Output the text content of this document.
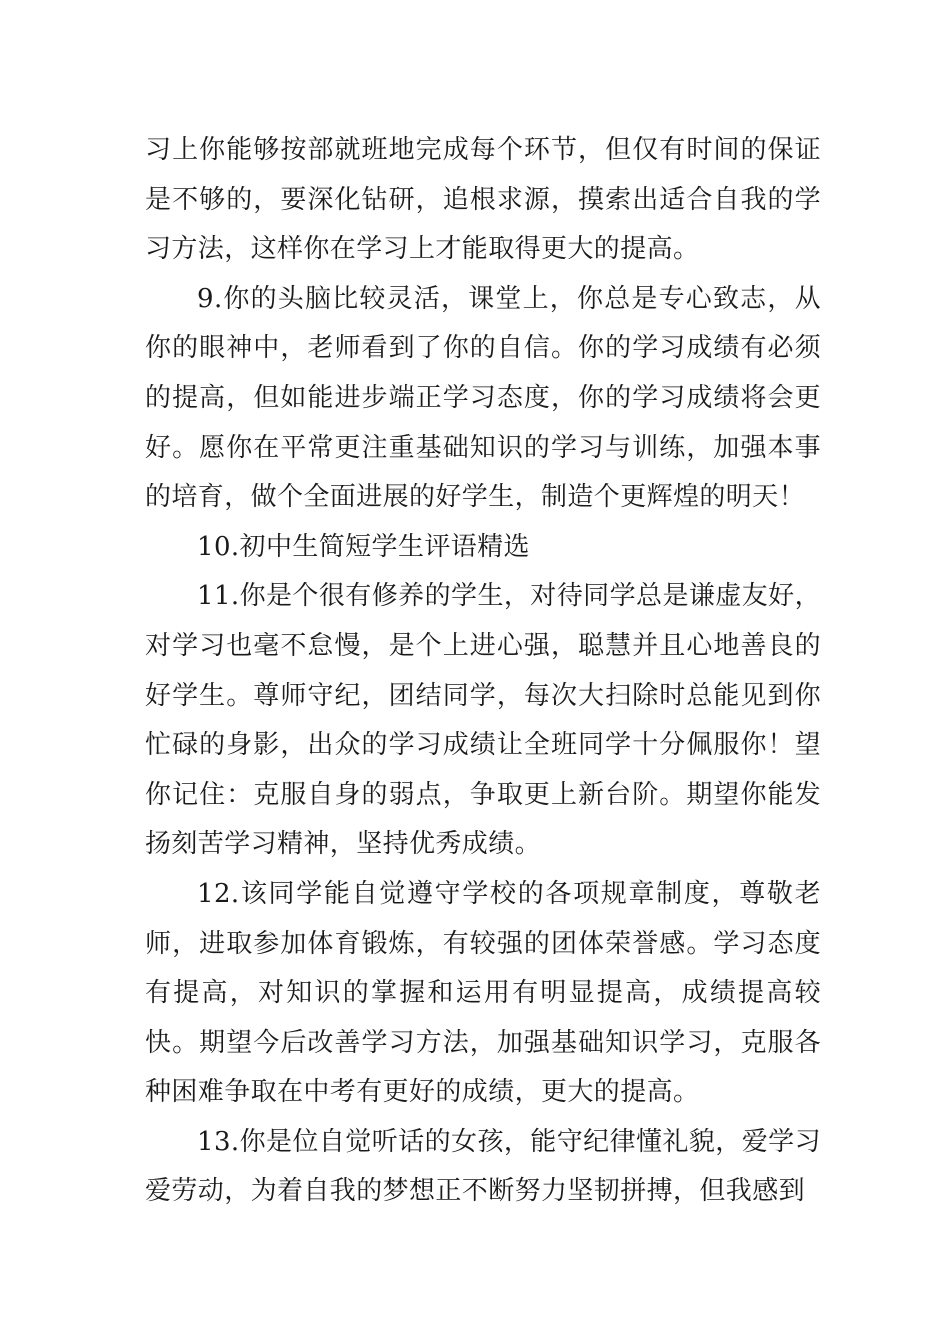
习上你能够按部就班地完成每个环节，但仅有时间的保证是不够的，要深化钻研，追根求源，摸索出适合自我的学习方法，这样你在学习上才能取得更大的提高。

9.你的头脑比较灵活，课堂上，你总是专心致志，从你的眼神中，老师看到了你的自信。你的学习成绩有必须的提高，但如能进步端正学习态度，你的学习成绩将会更好。愿你在平常更注重基础知识的学习与训练，加强本事的培育，做个全面进展的好学生，制造个更辉煌的明天！

10.初中生简短学生评语精选

11.你是个很有修养的学生，对待同学总是谦虚友好，对学习也毫不怠慢，是个上进心强，聪慧并且心地善良的好学生。尊师守纪，团结同学，每次大扫除时总能见到你忙碌的身影，出众的学习成绩让全班同学十分佩服你！望你记住：克服自身的弱点，争取更上新台阶。期望你能发扬刻苦学习精神，坚持优秀成绩。

12.该同学能自觉遵守学校的各项规章制度，尊敬老师，进取参加体育锻炼，有较强的团体荣誉感。学习态度有提高，对知识的掌握和运用有明显提高，成绩提高较快。期望今后改善学习方法，加强基础知识学习，克服各种困难争取在中考有更好的成绩，更大的提高。

13.你是位自觉听话的女孩，能守纪律懂礼貌，爱学习爱劳动，为着自我的梦想正不断努力坚韧拼搏，但我感到
